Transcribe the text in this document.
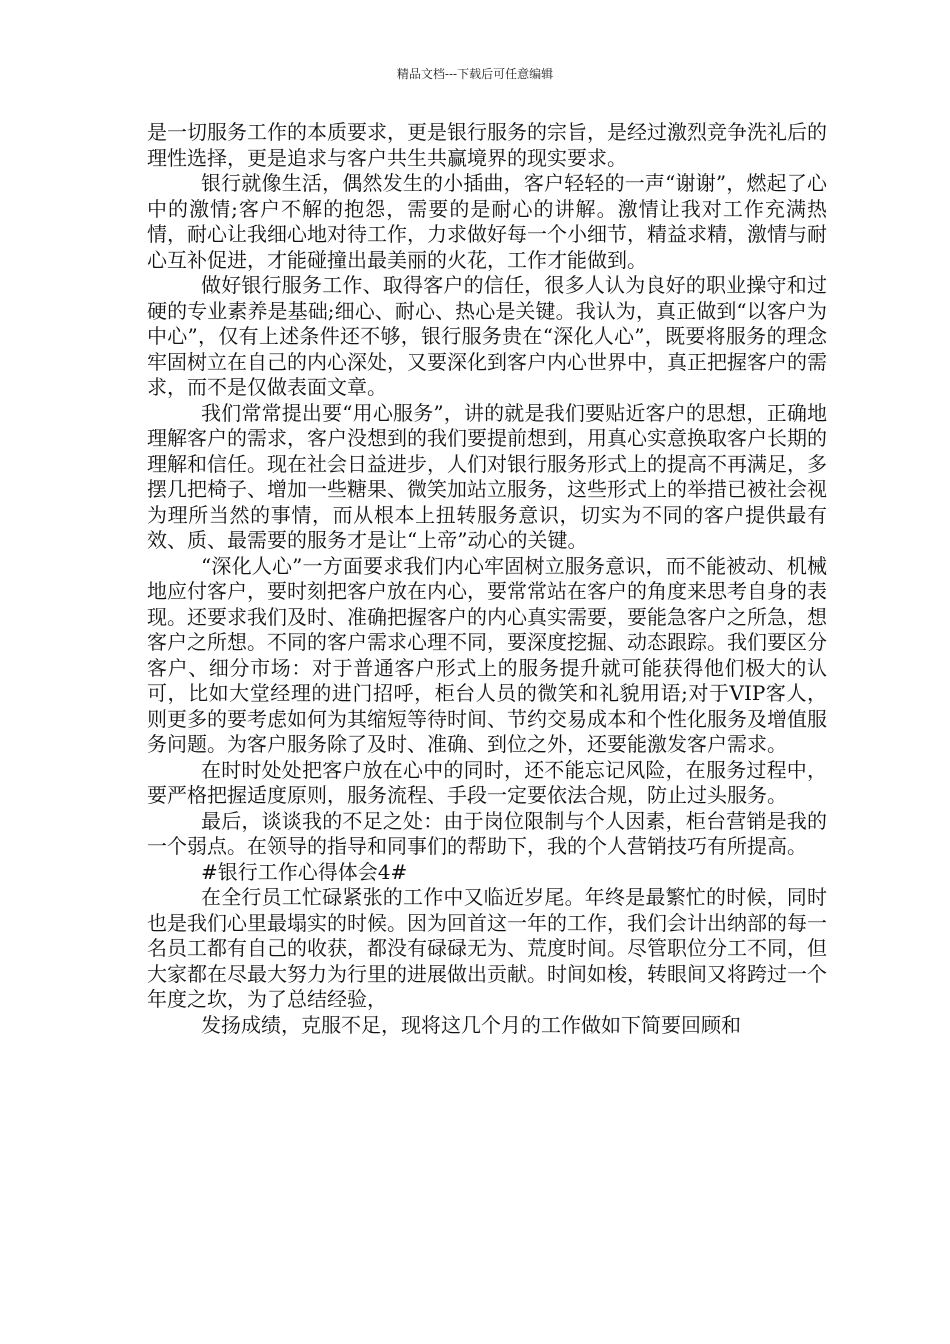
精品文档---下载后可任意编辑

是一切服务工作的本质要求，更是银行服务的宗旨，是经过激烈竞争洗礼后的理性选择，更是追求与客户共生共赢境界的现实要求。

银行就像生活，偶然发生的小插曲，客户轻轻的一声“谢谢”，燃起了心中的激情;客户不解的抱怨，需要的是耐心的讲解。激情让我对工作充满热情，耐心让我细心地对待工作，力求做好每一个小细节，精益求精，激情与耐心互补促进，才能碰撞出最美丽的火花，工作才能做到。

做好银行服务工作、取得客户的信任，很多人认为良好的职业操守和过硬的专业素养是基础;细心、耐心、热心是关键。我认为，真正做到“以客户为中心”，仅有上述条件还不够，银行服务贵在“深化人心”，既要将服务的理念牢固树立在自己的内心深处，又要深化到客户内心世界中，真正把握客户的需求，而不是仅做表面文章。

我们常常提出要“用心服务”，讲的就是我们要贴近客户的思想，正确地理解客户的需求，客户没想到的我们要提前想到，用真心实意换取客户长期的理解和信任。现在社会日益进步，人们对银行服务形式上的提高不再满足，多摆几把椅子、增加一些糖果、微笑加站立服务，这些形式上的举措已被社会视为理所当然的事情，而从根本上扭转服务意识，切实为不同的客户提供最有效、质、最需要的服务才是让“上帝”动心的关键。

“深化人心”一方面要求我们内心牢固树立服务意识，而不能被动、机械地应付客户，要时刻把客户放在内心，要常常站在客户的角度来思考自身的表现。还要求我们及时、准确把握客户的内心真实需要，要能急客户之所急，想客户之所想。不同的客户需求心理不同，要深度挖掘、动态跟踪。我们要区分客户、细分市场：对于普通客户形式上的服务提升就可能获得他们极大的认可，比如大堂经理的进门招呼，柜台人员的微笑和礼貌用语;对于VIP客人，则更多的要考虑如何为其缩短等待时间、节约交易成本和个性化服务及增值服务问题。为客户服务除了及时、准确、到位之外，还要能激发客户需求。

在时时处处把客户放在心中的同时，还不能忘记风险，在服务过程中，要严格把握适度原则，服务流程、手段一定要依法合规，防止过头服务。

最后，谈谈我的不足之处：由于岗位限制与个人因素，柜台营销是我的一个弱点。在领导的指导和同事们的帮助下，我的个人营销技巧有所提高。

#银行工作心得体会4#

在全行员工忙碌紧张的工作中又临近岁尾。年终是最繁忙的时候，同时也是我们心里最塌实的时候。因为回首这一年的工作，我们会计出纳部的每一名员工都有自己的收获，都没有碌碌无为、荒度时间。尽管职位分工不同，但大家都在尽最大努力为行里的进展做出贡献。时间如梭，转眼间又将跨过一个年度之坎，为了总结经验，

发扬成绩，克服不足，现将这几个月的工作做如下简要回顾和
